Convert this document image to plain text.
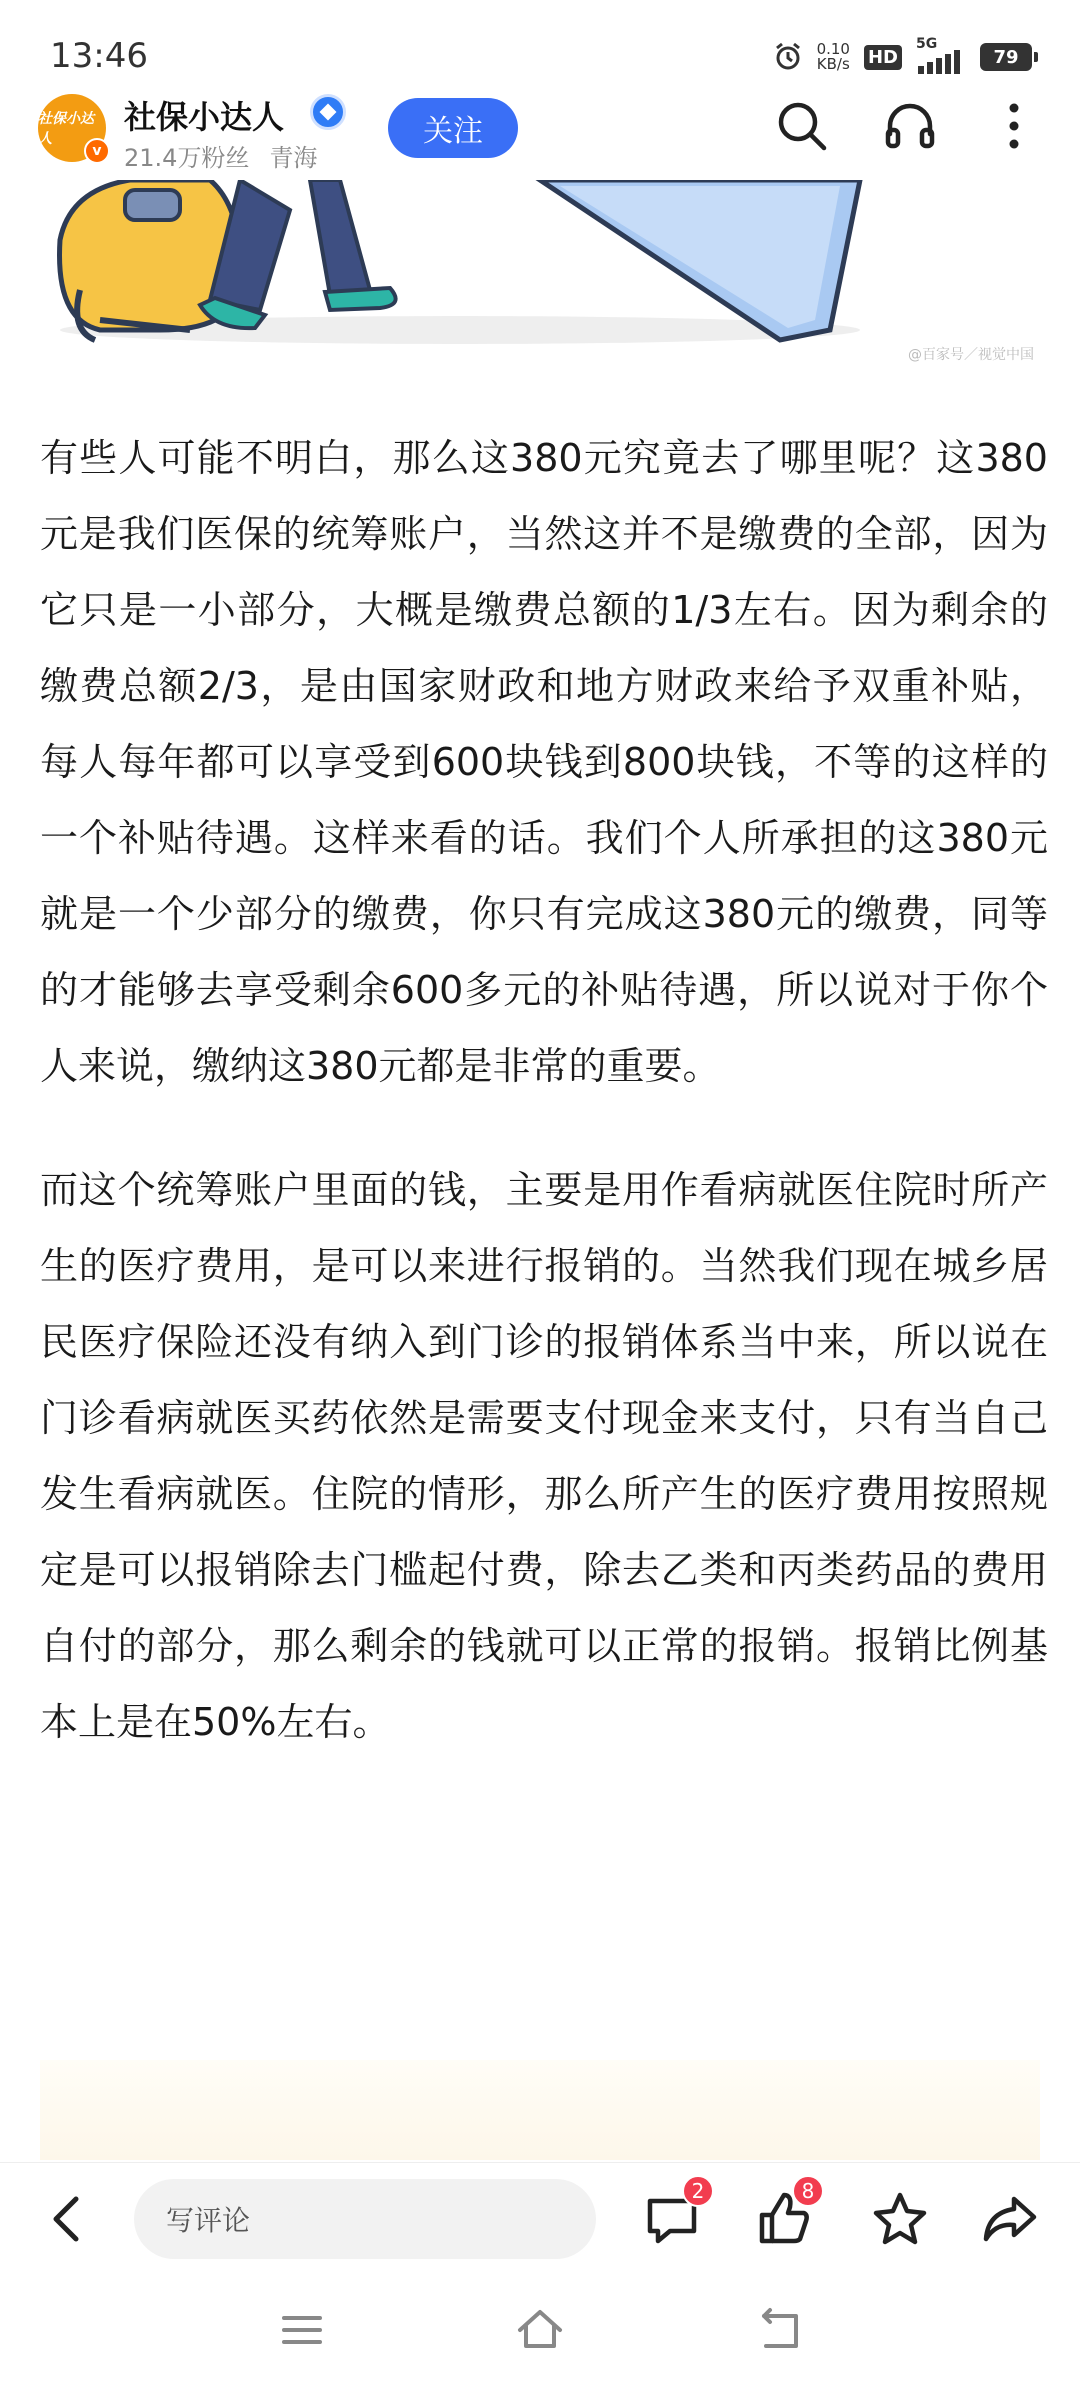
13:46	0.10
KB/s HD
5G
79
社保小达人
v
社保小达人
21.4万粉丝 青海
关注
@百家号／视觉中国

有些人可能不明白，那么这380元究竟去了哪里呢？这380元是我们医保的统筹账户，当然这并不是缴费的全部，因为它只是一小部分，大概是缴费总额的1/3左右。因为剩余的缴费总额2/3，是由国家财政和地方财政来给予双重补贴，每人每年都可以享受到600块钱到800块钱，不等的这样的一个补贴待遇。这样来看的话。我们个人所承担的这380元就是一个少部分的缴费，你只有完成这380元的缴费，同等的才能够去享受剩余600多元的补贴待遇，所以说对于你个人来说，缴纳这380元都是非常的重要。

而这个统筹账户里面的钱，主要是用作看病就医住院时所产生的医疗费用，是可以来进行报销的。当然我们现在城乡居民医疗保险还没有纳入到门诊的报销体系当中来，所以说在门诊看病就医买药依然是需要支付现金来支付，只有当自己发生看病就医。住院的情形，那么所产生的医疗费用按照规定是可以报销除去门槛起付费，除去乙类和丙类药品的费用自付的部分，那么剩余的钱就可以正常的报销。报销比例基本上是在50%左右。

写评论
2	8
